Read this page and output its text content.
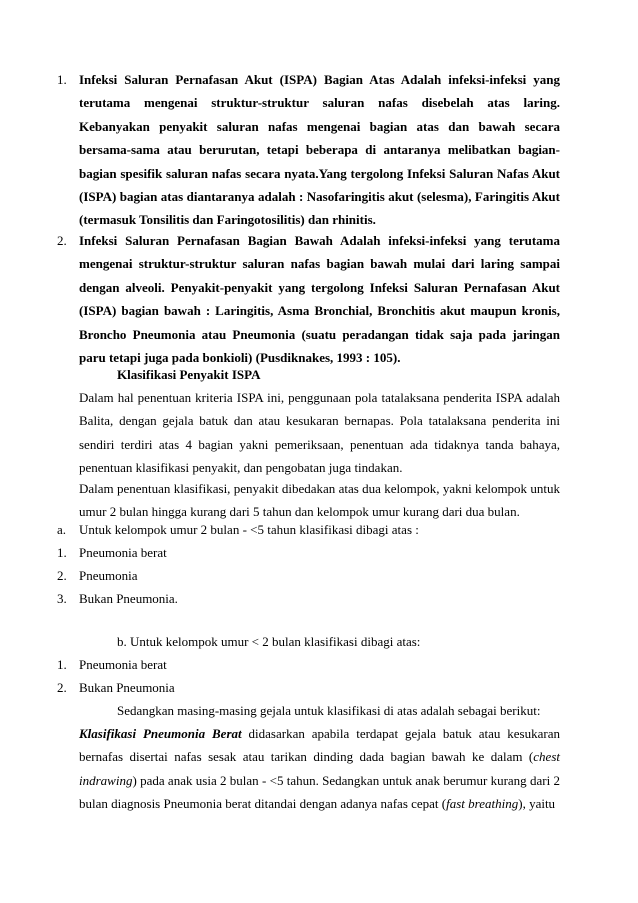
1. Infeksi Saluran Pernafasan Akut (ISPA) Bagian Atas Adalah infeksi-infeksi yang terutama mengenai struktur-struktur saluran nafas disebelah atas laring. Kebanyakan penyakit saluran nafas mengenai bagian atas dan bawah secara bersama-sama atau berurutan, tetapi beberapa di antaranya melibatkan bagian-bagian spesifik saluran nafas secara nyata.Yang tergolong Infeksi Saluran Nafas Akut (ISPA) bagian atas diantaranya adalah : Nasofaringitis akut (selesma), Faringitis Akut (termasuk Tonsilitis dan Faringotosilitis) dan rhinitis.
2. Infeksi Saluran Pernafasan Bagian Bawah Adalah infeksi-infeksi yang terutama mengenai struktur-struktur saluran nafas bagian bawah mulai dari laring sampai dengan alveoli. Penyakit-penyakit yang tergolong Infeksi Saluran Pernafasan Akut (ISPA) bagian bawah : Laringitis, Asma Bronchial, Bronchitis akut maupun kronis, Broncho Pneumonia atau Pneumonia (suatu peradangan tidak saja pada jaringan paru tetapi juga pada bonkioli) (Pusdiknakes, 1993 : 105).
Klasifikasi Penyakit ISPA
Dalam hal penentuan kriteria ISPA ini, penggunaan pola tatalaksana penderita ISPA adalah Balita, dengan gejala batuk dan atau kesukaran bernapas. Pola tatalaksana penderita ini sendiri terdiri atas 4 bagian yakni pemeriksaan, penentuan ada tidaknya tanda bahaya, penentuan klasifikasi penyakit, dan pengobatan juga tindakan.
Dalam penentuan klasifikasi, penyakit dibedakan atas dua kelompok, yakni kelompok untuk umur 2 bulan hingga kurang dari 5 tahun dan kelompok umur kurang dari dua bulan.
a. Untuk kelompok umur 2 bulan - <5 tahun klasifikasi dibagi atas :
1. Pneumonia berat
2. Pneumonia
3. Bukan Pneumonia.
b. Untuk kelompok umur < 2 bulan klasifikasi dibagi atas:
1. Pneumonia berat
2. Bukan Pneumonia
Sedangkan masing-masing gejala untuk klasifikasi di atas adalah sebagai berikut:
Klasifikasi Pneumonia Berat didasarkan apabila terdapat gejala batuk atau kesukaran bernafas disertai nafas sesak atau tarikan dinding dada bagian bawah ke dalam (chest indrawing) pada anak usia 2 bulan - <5 tahun. Sedangkan untuk anak berumur kurang dari 2 bulan diagnosis Pneumonia berat ditandai dengan adanya nafas cepat (fast breathing), yaitu
